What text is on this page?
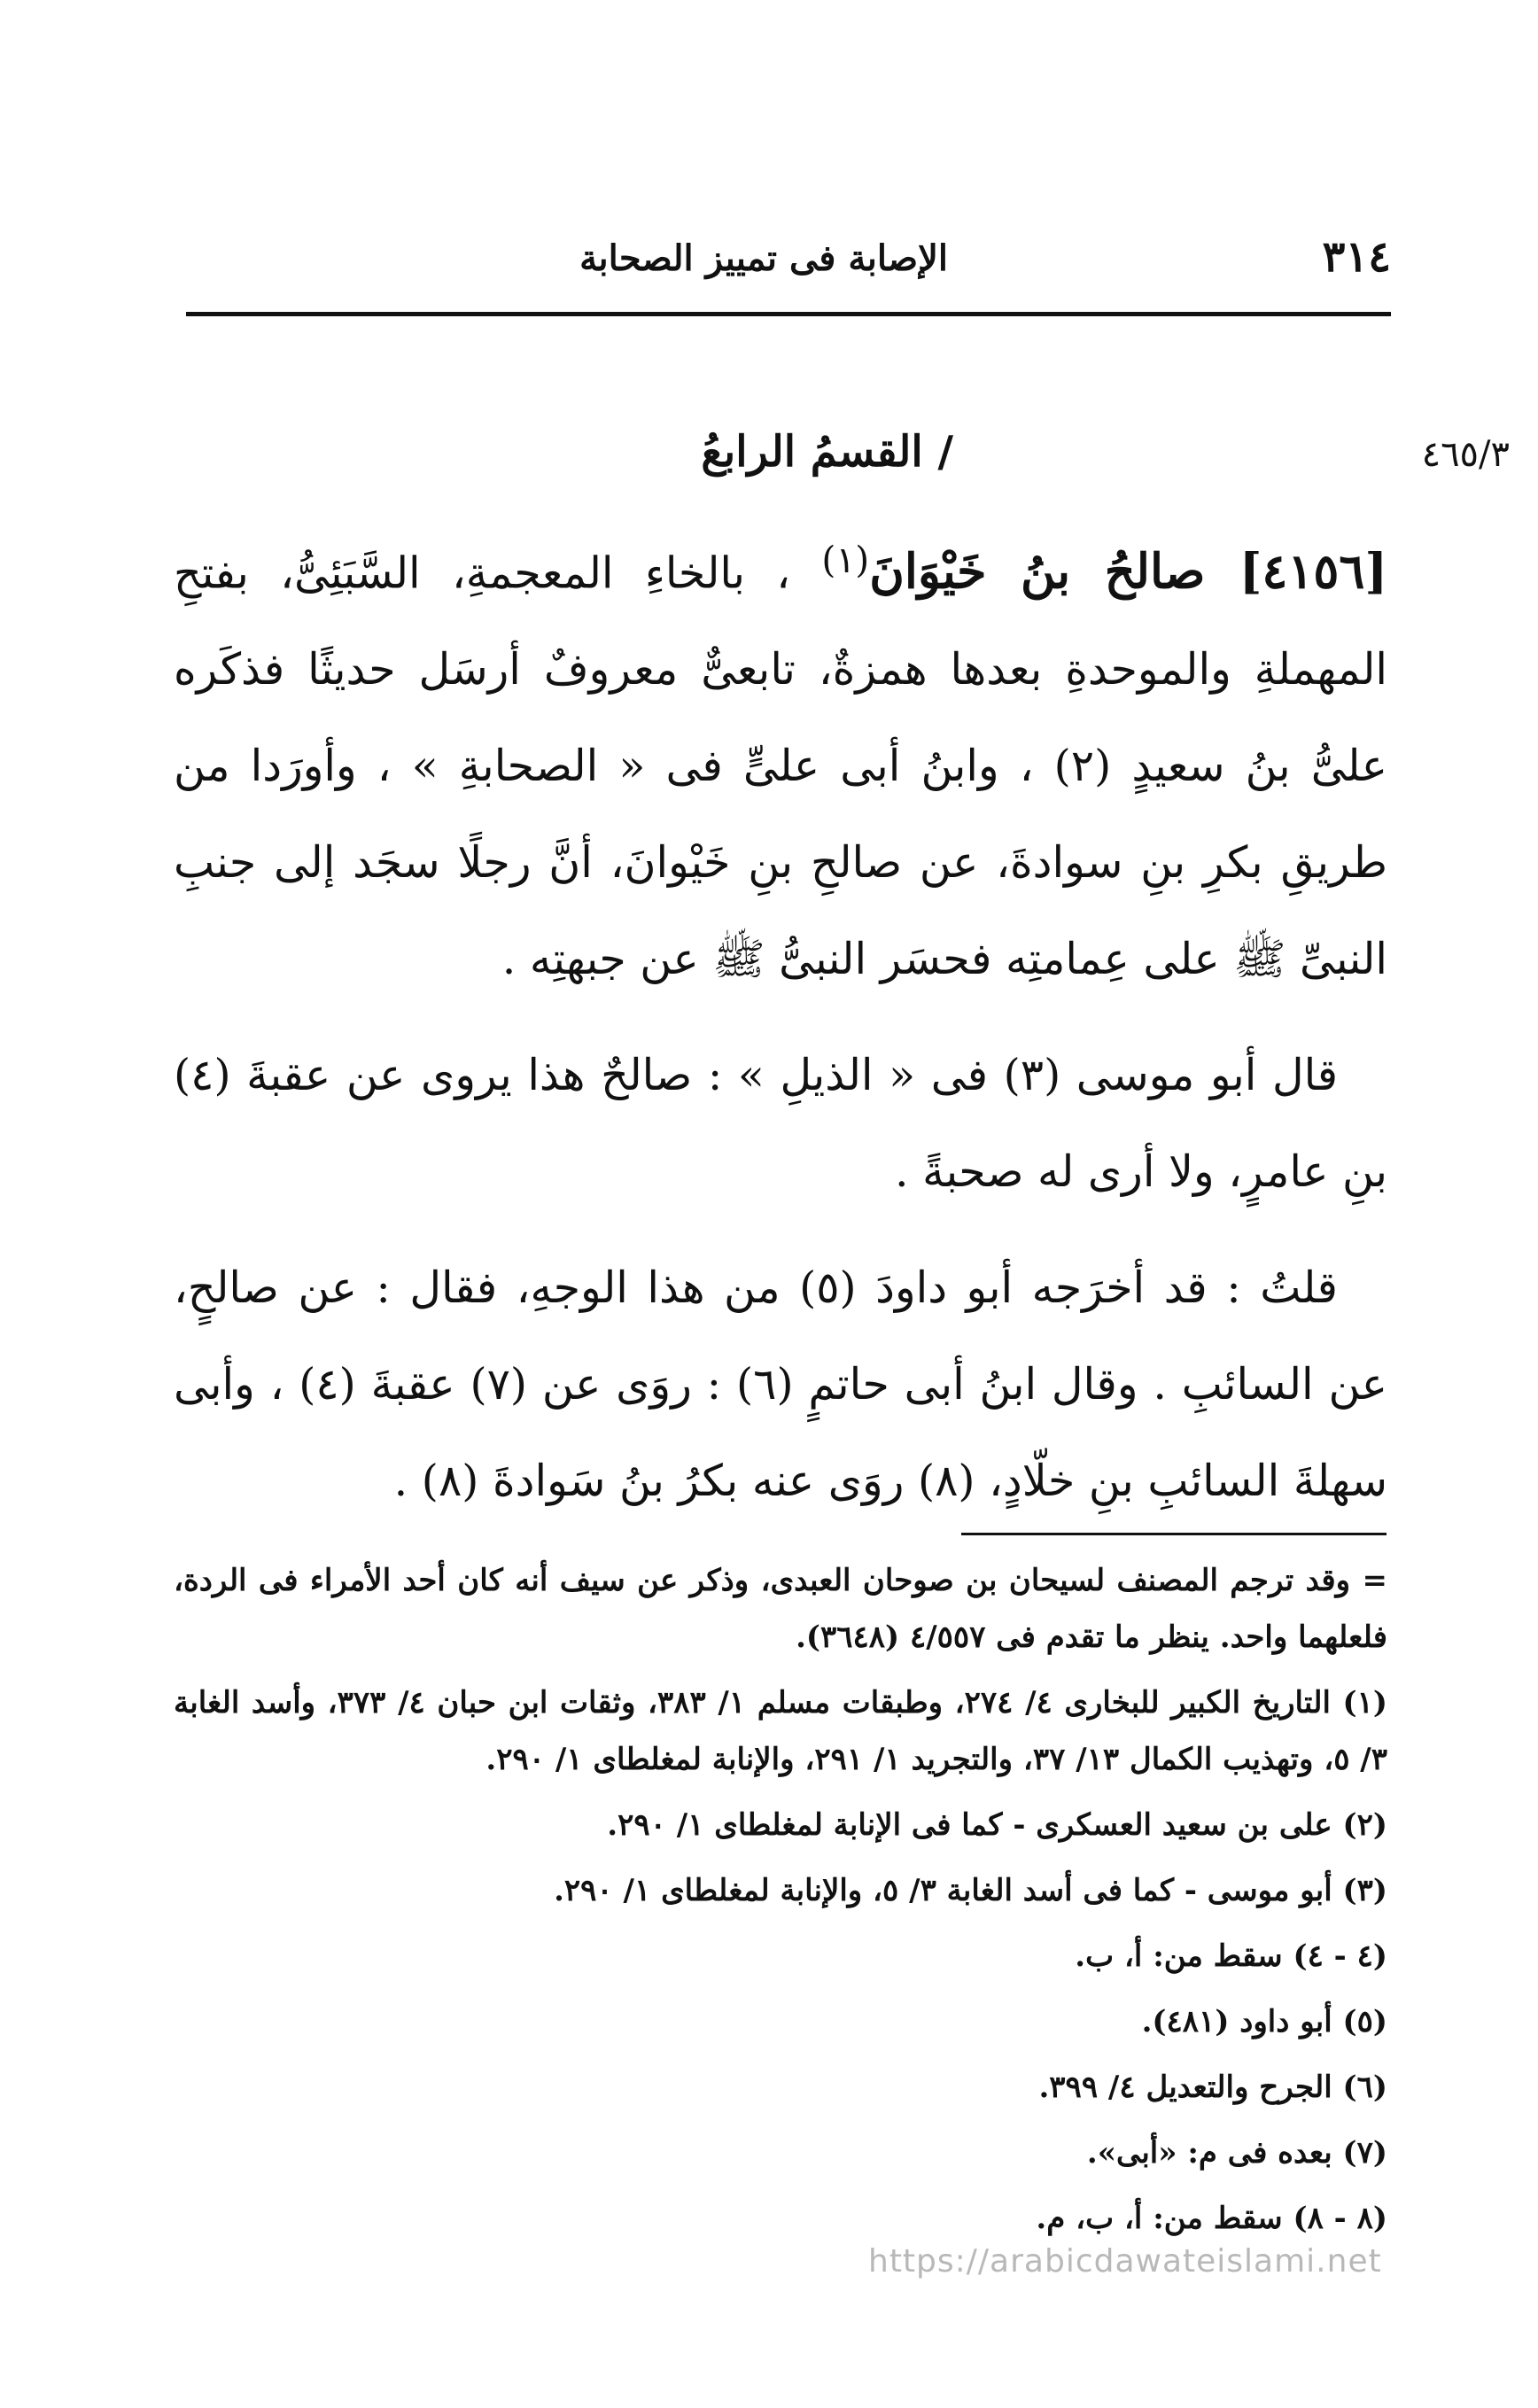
٣١٤
الإصابة فى تمييز الصحابة
٤٦٥/٣
/ القسمُ الرابعُ

[٤١٥٦] صالحُ بنُ خَيْوَانَ$^{(١)}$ ، بالخاءِ المعجمةِ، السَّبَئِىُّ، بفتحِ المهملةِ والموحدةِ بعدها همزةٌ، تابعىٌّ معروفٌ أرسَل حديثًا فذكَره علىُّ بنُ سعيدٍ (٢) ، وابنُ أبى علىٍّ فى « الصحابةِ » ، وأورَدا من طريقِ بكرِ بنِ سوادةَ، عن صالحِ بنِ خَيْوانَ، أنَّ رجلًا سجَد إلى جنبِ النبىِّ ﷺ على عِمامتِه فحسَر النبىُّ ﷺ عن جبهتِه .

قال أبو موسى (٣) فى « الذيلِ » : صالحٌ هذا يروى عن عقبةَ (٤) بنِ عامرٍ، ولا أرى له صحبةً .

قلتُ : قد أخرَجه أبو داودَ (٥) من هذا الوجهِ، فقال : عن صالحٍ، عن السائبِ . وقال ابنُ أبى حاتمٍ (٦) : روَى عن (٧) عقبةَ (٤) ، وأبى سهلةَ السائبِ بنِ خلّادٍ، (٨) روَى عنه بكرُ بنُ سَوادةَ (٨) .

= وقد ترجم المصنف لسيحان بن صوحان العبدى، وذكر عن سيف أنه كان أحد الأمراء فى الردة، فلعلهما واحد. ينظر ما تقدم فى ٤/٥٥٧ (٣٦٤٨).
(١) التاريخ الكبير للبخارى ٤/ ٢٧٤، وطبقات مسلم ١/ ٣٨٣، وثقات ابن حبان ٤/ ٣٧٣، وأسد الغابة ٣/ ٥، وتهذيب الكمال ١٣/ ٣٧، والتجريد ١/ ٢٩١، والإنابة لمغلطاى ١/ ٢٩٠.
(٢) على بن سعيد العسكرى - كما فى الإنابة لمغلطاى ١/ ٢٩٠.
(٣) أبو موسى - كما فى أسد الغابة ٣/ ٥، والإنابة لمغلطاى ١/ ٢٩٠.
(٤ - ٤) سقط من: أ، ب.
(٥) أبو داود (٤٨١).
(٦) الجرح والتعديل ٤/ ٣٩٩.
(٧) بعده فى م: «أبى».
(٨ - ٨) سقط من: أ، ب، م.
https://arabicdawateislami.net
